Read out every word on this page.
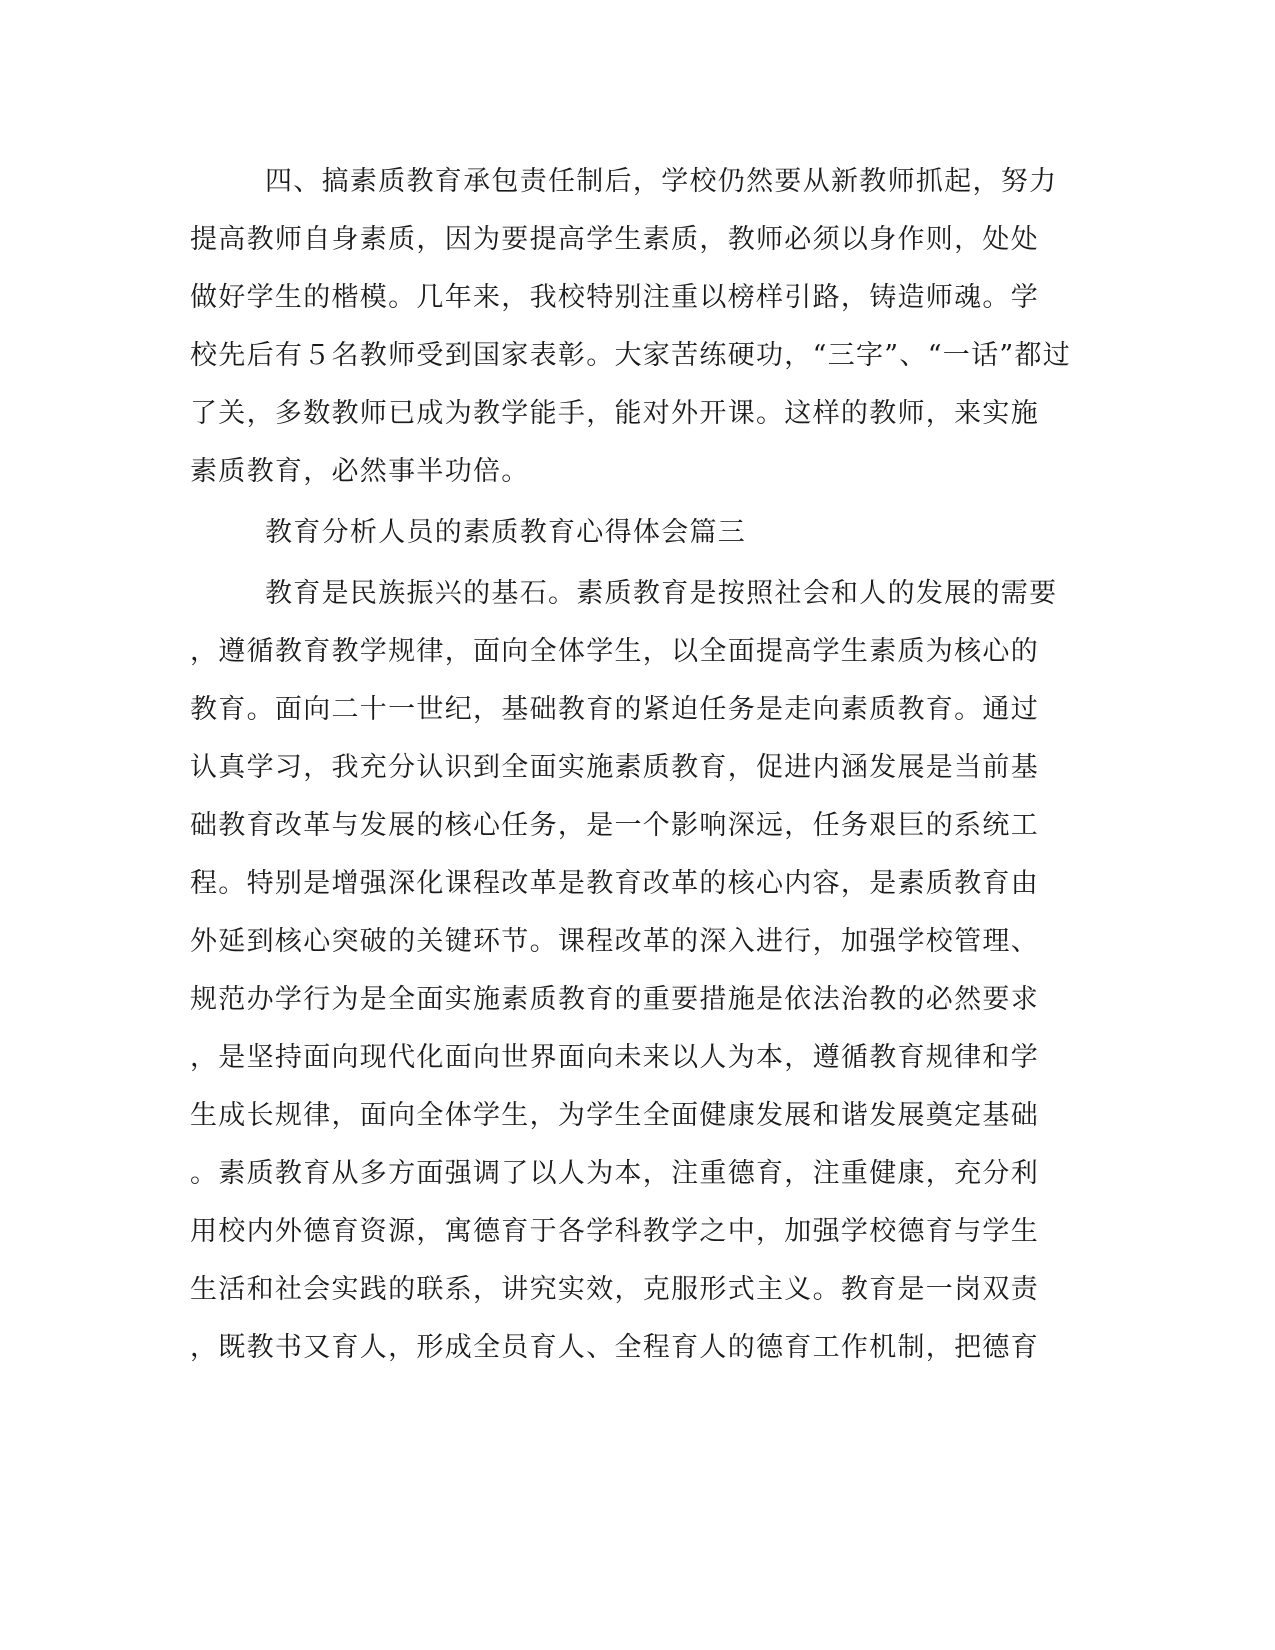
四、搞素质教育承包责任制后，学校仍然要从新教师抓起，努力
提高教师自身素质，因为要提高学生素质，教师必须以身作则，处处
做好学生的楷模。几年来，我校特别注重以榜样引路，铸造师魂。学
校先后有５名教师受到国家表彰。大家苦练硬功，“三字”、“一话”都过
了关，多数教师已成为教学能手，能对外开课。这样的教师，来实施
素质教育，必然事半功倍。
教育分析人员的素质教育心得体会篇三
教育是民族振兴的基石。素质教育是按照社会和人的发展的需要
，遵循教育教学规律，面向全体学生，以全面提高学生素质为核心的
教育。面向二十一世纪，基础教育的紧迫任务是走向素质教育。通过
认真学习，我充分认识到全面实施素质教育，促进内涵发展是当前基
础教育改革与发展的核心任务，是一个影响深远，任务艰巨的系统工
程。特别是增强深化课程改革是教育改革的核心内容，是素质教育由
外延到核心突破的关键环节。课程改革的深入进行，加强学校管理、
规范办学行为是全面实施素质教育的重要措施是依法治教的必然要求
，是坚持面向现代化面向世界面向未来以人为本，遵循教育规律和学
生成长规律，面向全体学生，为学生全面健康发展和谐发展奠定基础
。素质教育从多方面强调了以人为本，注重德育，注重健康，充分利
用校内外德育资源，寓德育于各学科教学之中，加强学校德育与学生
生活和社会实践的联系，讲究实效，克服形式主义。教育是一岗双责
，既教书又育人，形成全员育人、全程育人的德育工作机制，把德育
